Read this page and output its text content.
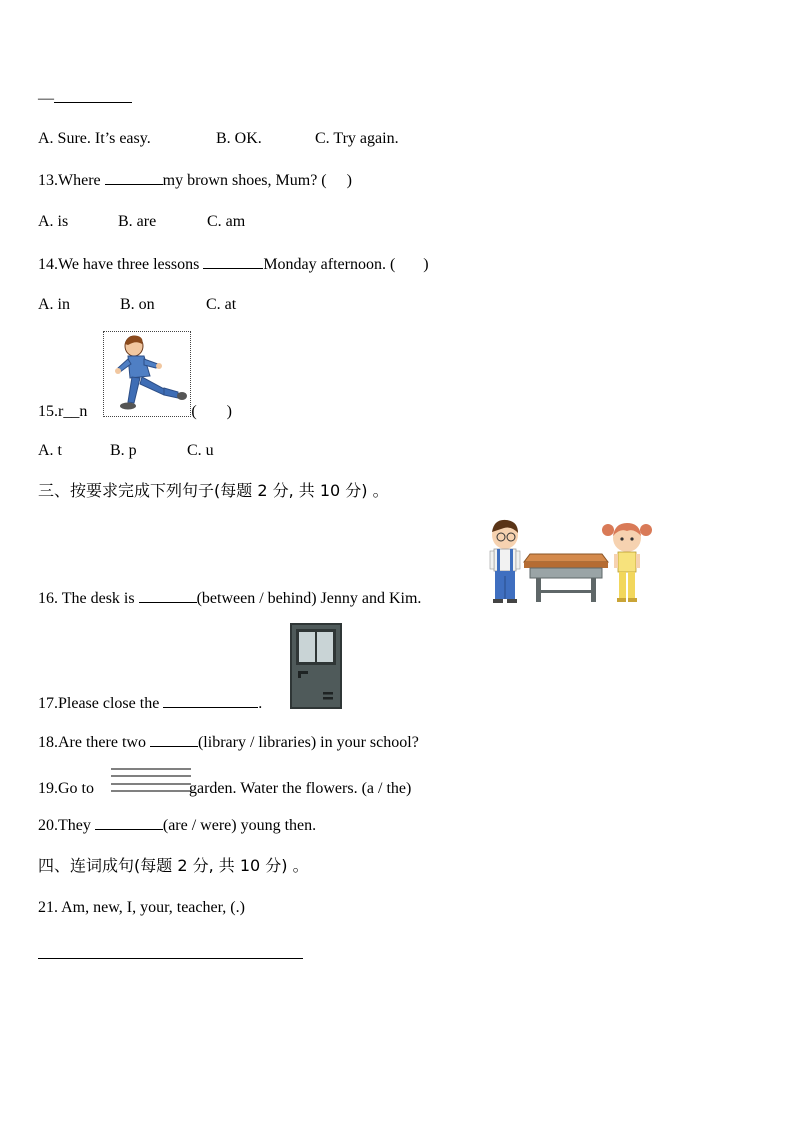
—
A. Sure. It’s easy.	B. OK.	C. Try again.
13.Where	my brown shoes, Mum? ( )
A. is	B. are	C. am
14.We have three lessons	Monday afternoon. ( )
A. in	B. on	C. at
15.r__n	( )
A. t	B. p	C. u
三、按要求完成下列句子(每题 2 分, 共 10 分) 。
16. The desk is	(between / behind) Jenny and Kim.
17.Please close the	.
18.Are there two	(library / libraries) in your school?
19.Go to	garden. Water the flowers. (a / the)
20.They	(are / were) young then.
四、连词成句(每题 2 分, 共 10 分) 。
21. Am, new, I, your, teacher, (.)
